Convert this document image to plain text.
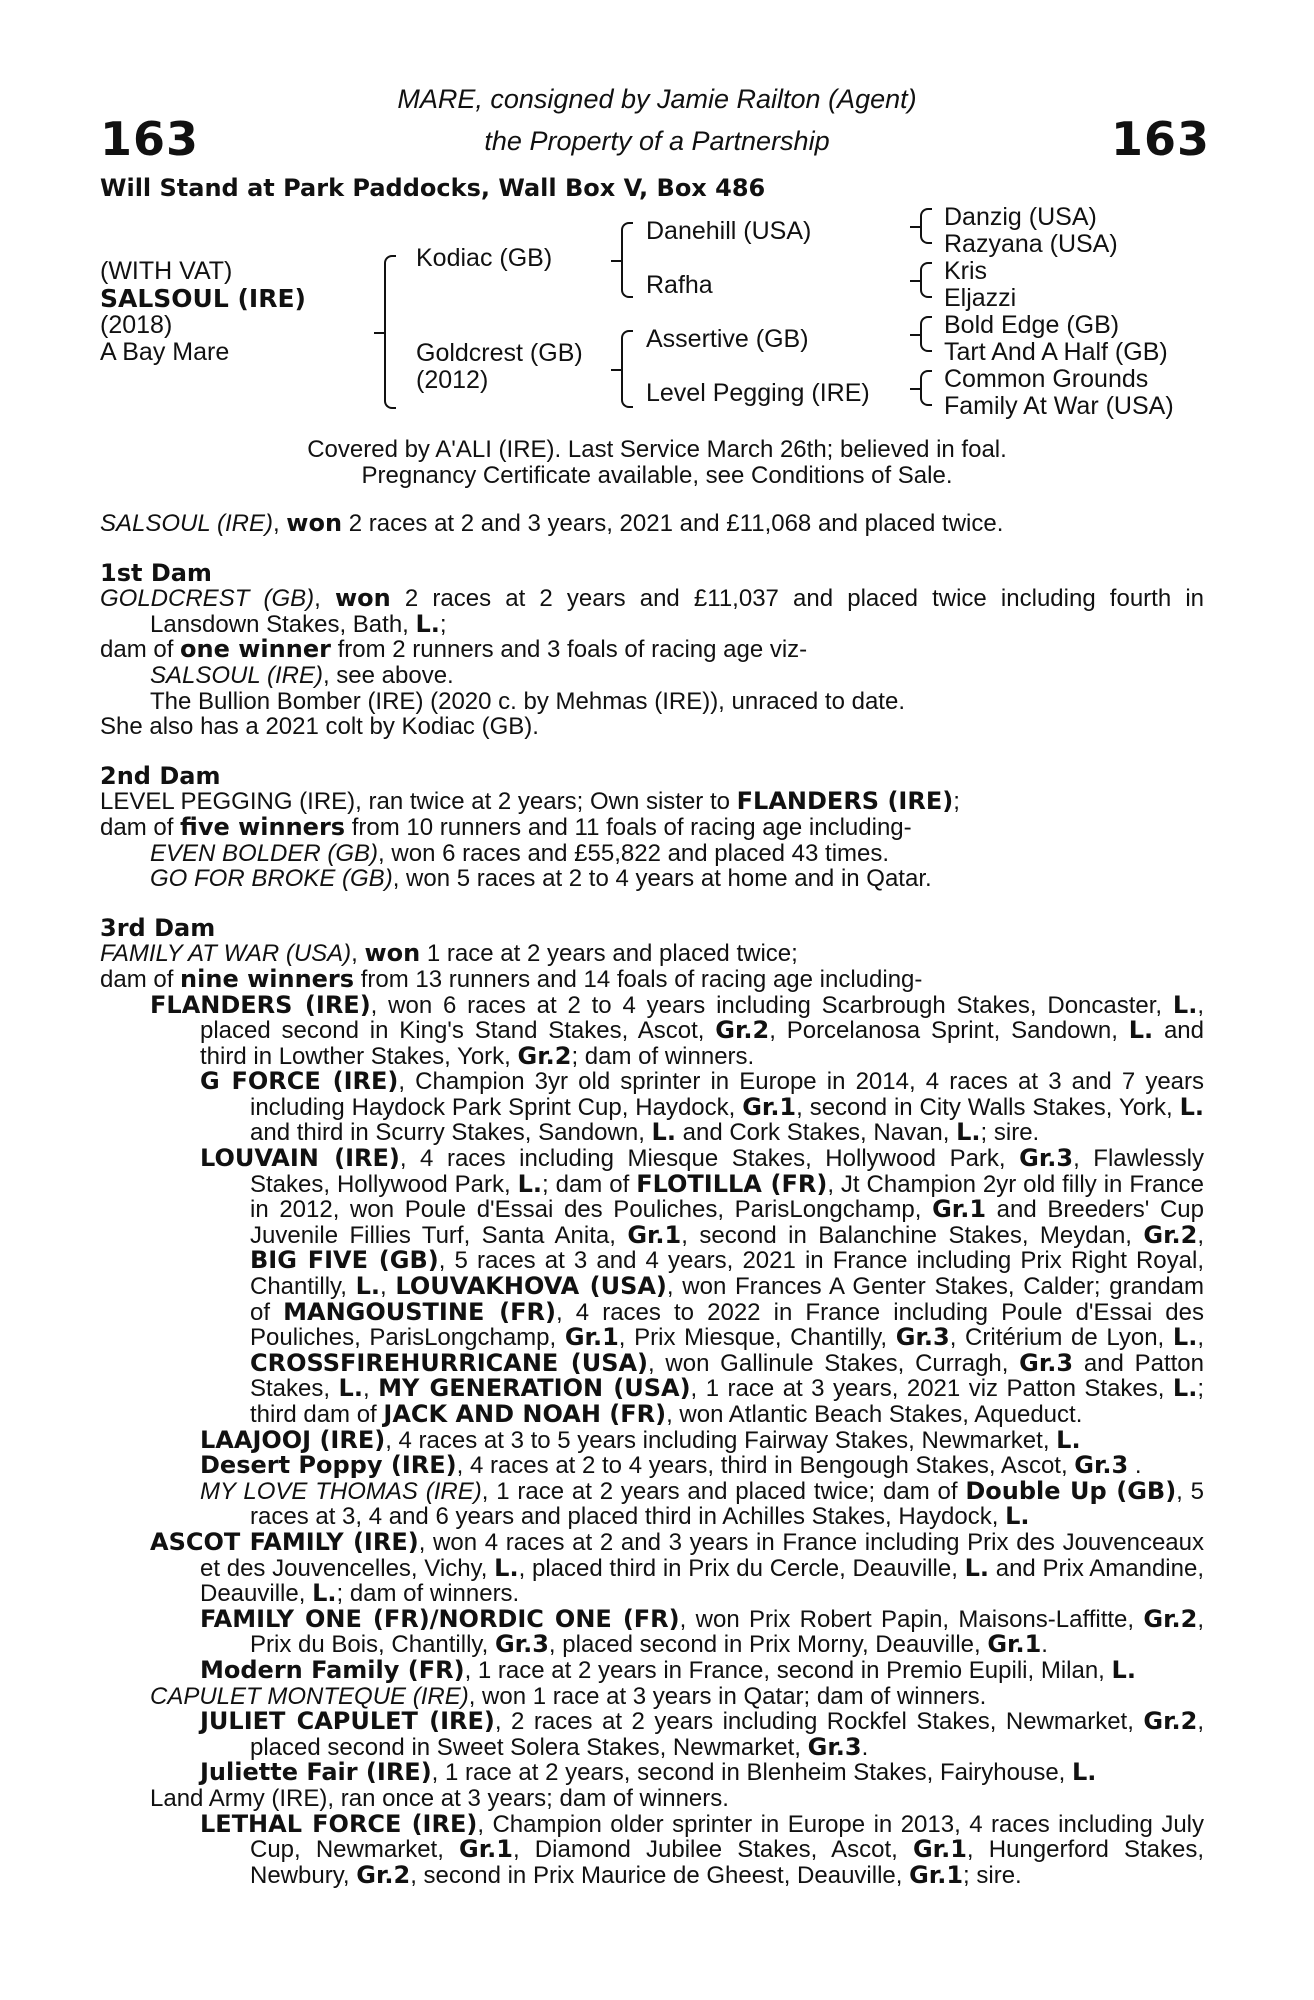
163	163
MARE, consigned by Jamie Railton (Agent)
the Property of a Partnership
Will Stand at Park Paddocks, Wall Box V, Box 486
(WITH VAT)
SALSOUL (IRE)
(2018)
A Bay Mare
Kodiac (GB)
Goldcrest (GB)
(2012)
Danehill (USA)
Rafha
Assertive (GB)
Level Pegging (IRE)
Danzig (USA)
Razyana (USA)
Kris
Eljazzi
Bold Edge (GB)
Tart And A Half (GB)
Common Grounds
Family At War (USA)
Covered by A'ALI (IRE). Last Service March 26th; believed in foal.
Pregnancy Certificate available, see Conditions of Sale.

SALSOUL (IRE), won 2 races at 2 and 3 years, 2021 and £11,068 and placed twice.

1st Dam

GOLDCREST (GB), won 2 races at 2 years and £11,037 and placed twice including fourth in Lansdown Stakes, Bath, L.;

dam of one winner from 2 runners and 3 foals of racing age viz-

SALSOUL (IRE), see above.

The Bullion Bomber (IRE) (2020 c. by Mehmas (IRE)), unraced to date.

She also has a 2021 colt by Kodiac (GB).

2nd Dam

LEVEL PEGGING (IRE), ran twice at 2 years; Own sister to FLANDERS (IRE);

dam of five winners from 10 runners and 11 foals of racing age including-

EVEN BOLDER (GB), won 6 races and £55,822 and placed 43 times.

GO FOR BROKE (GB), won 5 races at 2 to 4 years at home and in Qatar.

3rd Dam

FAMILY AT WAR (USA), won 1 race at 2 years and placed twice;

dam of nine winners from 13 runners and 14 foals of racing age including-

FLANDERS (IRE), won 6 races at 2 to 4 years including Scarbrough Stakes, Doncaster, L., placed second in King's Stand Stakes, Ascot, Gr.2, Porcelanosa Sprint, Sandown, L. and third in Lowther Stakes, York, Gr.2; dam of winners.

G FORCE (IRE), Champion 3yr old sprinter in Europe in 2014, 4 races at 3 and 7 years including Haydock Park Sprint Cup, Haydock, Gr.1, second in City Walls Stakes, York, L. and third in Scurry Stakes, Sandown, L. and Cork Stakes, Navan, L.; sire.

LOUVAIN (IRE), 4 races including Miesque Stakes, Hollywood Park, Gr.3, Flawlessly Stakes, Hollywood Park, L.; dam of FLOTILLA (FR), Jt Champion 2yr old filly in France in 2012, won Poule d'Essai des Pouliches, ParisLongchamp, Gr.1 and Breeders' Cup Juvenile Fillies Turf, Santa Anita, Gr.1, second in Balanchine Stakes, Meydan, Gr.2, BIG FIVE (GB), 5 races at 3 and 4 years, 2021 in France including Prix Right Royal, Chantilly, L., LOUVAKHOVA (USA), won Frances A Genter Stakes, Calder; grandam of MANGOUSTINE (FR), 4 races to 2022 in France including Poule d'Essai des Pouliches, ParisLongchamp, Gr.1, Prix Miesque, Chantilly, Gr.3, Critérium de Lyon, L., CROSSFIREHURRICANE (USA), won Gallinule Stakes, Curragh, Gr.3 and Patton Stakes, L., MY GENERATION (USA), 1 race at 3 years, 2021 viz Patton Stakes, L.; third dam of JACK AND NOAH (FR), won Atlantic Beach Stakes, Aqueduct.

LAAJOOJ (IRE), 4 races at 3 to 5 years including Fairway Stakes, Newmarket, L.

Desert Poppy (IRE), 4 races at 2 to 4 years, third in Bengough Stakes, Ascot, Gr.3 .

MY LOVE THOMAS (IRE), 1 race at 2 years and placed twice; dam of Double Up (GB), 5 races at 3, 4 and 6 years and placed third in Achilles Stakes, Haydock, L.

ASCOT FAMILY (IRE), won 4 races at 2 and 3 years in France including Prix des Jouvenceaux et des Jouvencelles, Vichy, L., placed third in Prix du Cercle, Deauville, L. and Prix Amandine, Deauville, L.; dam of winners.

FAMILY ONE (FR)/NORDIC ONE (FR), won Prix Robert Papin, Maisons-Laffitte, Gr.2, Prix du Bois, Chantilly, Gr.3, placed second in Prix Morny, Deauville, Gr.1.

Modern Family (FR), 1 race at 2 years in France, second in Premio Eupili, Milan, L.

CAPULET MONTEQUE (IRE), won 1 race at 3 years in Qatar; dam of winners.

JULIET CAPULET (IRE), 2 races at 2 years including Rockfel Stakes, Newmarket, Gr.2, placed second in Sweet Solera Stakes, Newmarket, Gr.3.

Juliette Fair (IRE), 1 race at 2 years, second in Blenheim Stakes, Fairyhouse, L.

Land Army (IRE), ran once at 3 years; dam of winners.

LETHAL FORCE (IRE), Champion older sprinter in Europe in 2013, 4 races including July Cup, Newmarket, Gr.1, Diamond Jubilee Stakes, Ascot, Gr.1, Hungerford Stakes, Newbury, Gr.2, second in Prix Maurice de Gheest, Deauville, Gr.1; sire.
